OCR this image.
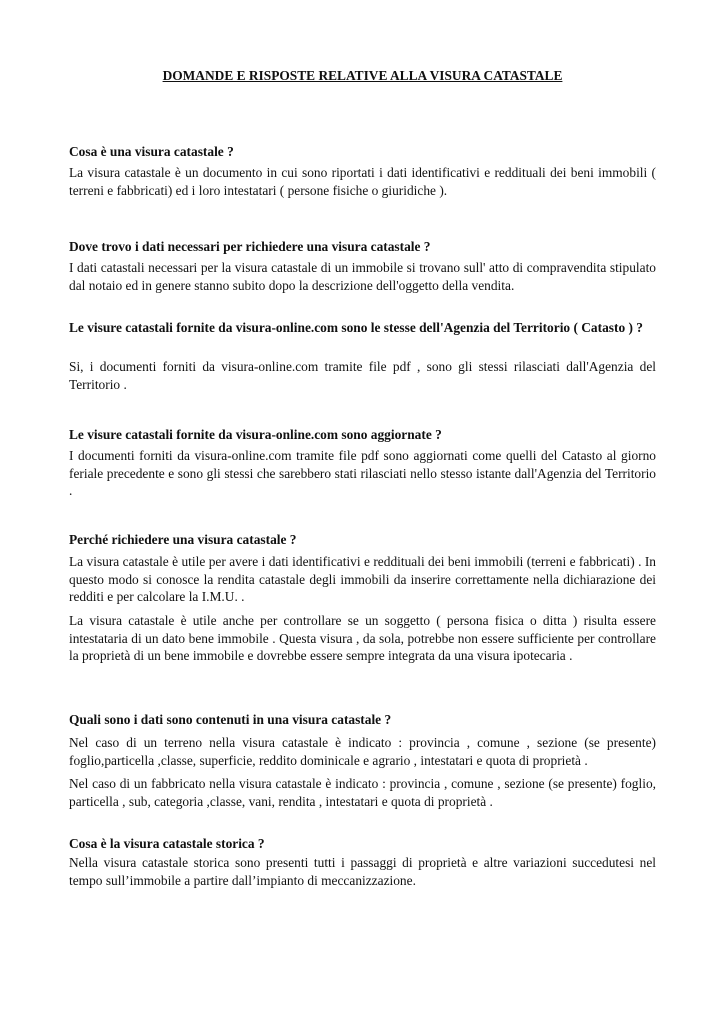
DOMANDE E RISPOSTE RELATIVE ALLA VISURA CATASTALE

Cosa è una visura catastale ?

La visura catastale è un documento in cui sono riportati i dati identificativi e reddituali dei beni immobili ( terreni e fabbricati) ed i loro intestatari ( persone fisiche o giuridiche ).

Dove trovo i dati necessari per richiedere una visura catastale ?

I dati catastali necessari per la visura catastale di un immobile si trovano sull' atto di compravendita stipulato dal notaio ed in genere stanno subito dopo la descrizione dell'oggetto della vendita.

Le visure catastali fornite da visura-online.com sono le stesse dell'Agenzia del Territorio ( Catasto ) ?

Si, i documenti forniti da visura-online.com tramite file pdf , sono gli stessi rilasciati dall'Agenzia del Territorio .

Le visure catastali fornite da visura-online.com sono aggiornate ?

I documenti forniti da visura-online.com tramite file pdf sono aggiornati come quelli del Catasto al giorno feriale precedente e sono gli stessi che sarebbero stati rilasciati nello stesso istante dall'Agenzia del Territorio .

Perché richiedere una visura catastale ?

La visura catastale è utile per avere i dati identificativi e reddituali dei beni immobili (terreni e fabbricati) . In questo modo si conosce la rendita catastale degli immobili da inserire correttamente nella dichiarazione dei redditi e per calcolare la I.M.U. .

La visura catastale è utile anche per controllare se un soggetto ( persona fisica o ditta ) risulta essere intestataria di un dato bene immobile . Questa visura , da sola, potrebbe non essere sufficiente per controllare la proprietà di un bene immobile e dovrebbe essere sempre integrata da una visura ipotecaria .

Quali sono i dati sono contenuti in una visura catastale ?

Nel caso di un terreno nella visura catastale è indicato : provincia , comune , sezione (se presente) foglio,particella ,classe, superficie, reddito dominicale e agrario , intestatari e quota di proprietà .

Nel caso di un fabbricato nella visura catastale è indicato : provincia , comune , sezione (se presente) foglio, particella , sub, categoria ,classe, vani, rendita , intestatari e quota di proprietà .

Cosa è la visura catastale storica ?

Nella visura catastale storica sono presenti tutti i passaggi di proprietà e altre variazioni succedutesi nel tempo sull’immobile a partire dall’impianto di meccanizzazione.
